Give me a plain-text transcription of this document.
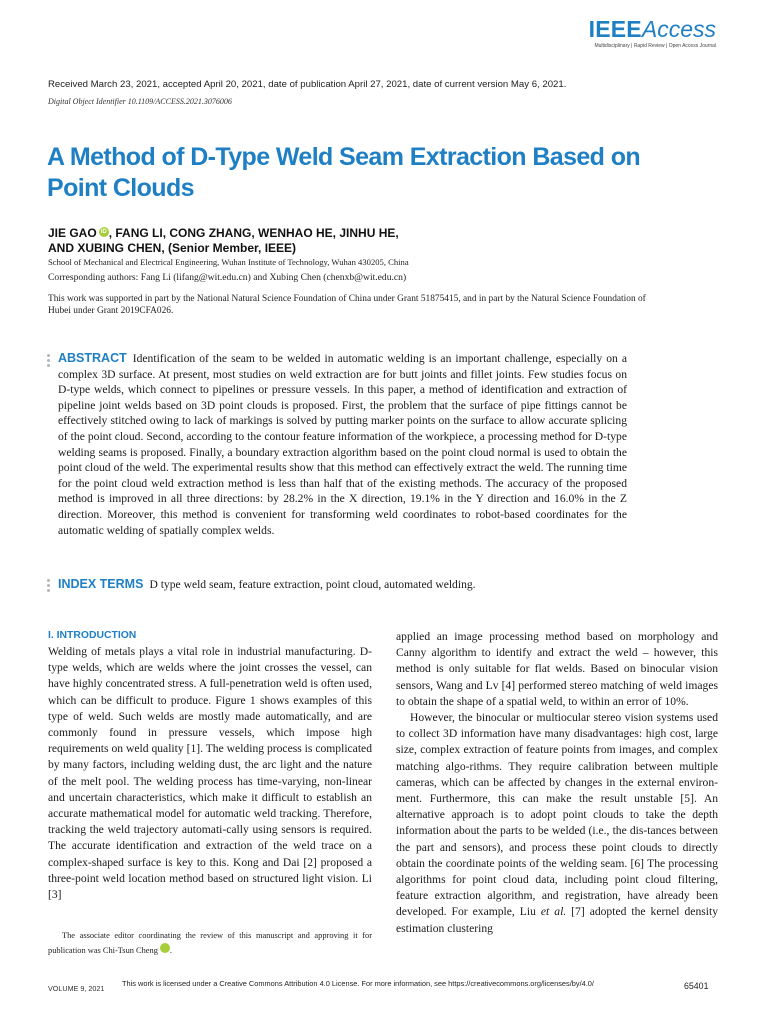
IEEEAccess
Multidisciplinary | Rapid Review | Open Access Journal
Received March 23, 2021, accepted April 20, 2021, date of publication April 27, 2021, date of current version May 6, 2021.
Digital Object Identifier 10.1109/ACCESS.2021.3076006
A Method of D-Type Weld Seam Extraction Based on Point Clouds
JIE GAO iD , FANG LI, CONG ZHANG, WENHAO HE, JINHU HE,
AND XUBING CHEN, (Senior Member, IEEE)
School of Mechanical and Electrical Engineering, Wuhan Institute of Technology, Wuhan 430205, China
Corresponding authors: Fang Li (lifang@wit.edu.cn) and Xubing Chen (chenxb@wit.edu.cn)
This work was supported in part by the National Natural Science Foundation of China under Grant 51875415, and in part by the Natural Science Foundation of Hubei under Grant 2019CFA026.
ABSTRACT Identification of the seam to be welded in automatic welding is an important challenge, especially on a complex 3D surface. At present, most studies on weld extraction are for butt joints and fillet joints. Few studies focus on D-type welds, which connect to pipelines or pressure vessels. In this paper, a method of identification and extraction of pipeline joint welds based on 3D point clouds is proposed. First, the problem that the surface of pipe fittings cannot be effectively stitched owing to lack of markings is solved by putting marker points on the surface to allow accurate splicing of the point cloud. Second, according to the contour feature information of the workpiece, a processing method for D-type welding seams is proposed. Finally, a boundary extraction algorithm based on the point cloud normal is used to obtain the point cloud of the weld. The experimental results show that this method can effectively extract the weld. The running time for the point cloud weld extraction method is less than half that of the existing methods. The accuracy of the proposed method is improved in all three directions: by 28.2% in the X direction, 19.1% in the Y direction and 16.0% in the Z direction. Moreover, this method is convenient for transforming weld coordinates to robot-based coordinates for the automatic welding of spatially complex welds.
INDEX TERMS D type weld seam, feature extraction, point cloud, automated welding.
I. INTRODUCTION

Welding of metals plays a vital role in industrial manufacturing. D-type welds, which are welds where the joint crosses the vessel, can have highly concentrated stress. A full-penetration weld is often used, which can be difficult to produce. Figure 1 shows examples of this type of weld. Such welds are mostly made automatically, and are commonly found in pressure vessels, which impose high requirements on weld quality [1]. The welding process is complicated by many factors, including welding dust, the arc light and the nature of the melt pool. The welding process has time-varying, non-linear and uncertain characteristics, which make it difficult to establish an accurate mathematical model for automatic weld tracking. Therefore, tracking the weld trajectory automati-cally using sensors is required. The accurate identification and extraction of the weld trace on a complex-shaped surface is key to this. Kong and Dai [2] proposed a three-point weld location method based on structured light vision. Li [3]

applied an image processing method based on morphology and Canny algorithm to identify and extract the weld – however, this method is only suitable for flat welds. Based on binocular vision sensors, Wang and Lv [4] performed stereo matching of weld images to obtain the shape of a spatial weld, to within an error of 10%.

However, the binocular or multiocular stereo vision systems used to collect 3D information have many disadvantages: high cost, large size, complex extraction of feature points from images, and complex matching algo-rithms. They require calibration between multiple cameras, which can be affected by changes in the external environ-ment. Furthermore, this can make the result unstable [5]. An alternative approach is to adopt point clouds to take the depth information about the parts to be welded (i.e., the dis-tances between the part and sensors), and process these point clouds to directly obtain the coordinate points of the welding seam. [6] The processing algorithms for point cloud data, including point cloud filtering, feature extraction algorithm, and registration, have already been developed. For example, Liu et al. [7] adopted the kernel density estimation clustering

The associate editor coordinating the review of this manuscript and approving it for publication was Chi-Tsun Cheng	iD.
VOLUME 9, 2021
This work is licensed under a Creative Commons Attribution 4.0 License. For more information, see https://creativecommons.org/licenses/by/4.0/	65401
